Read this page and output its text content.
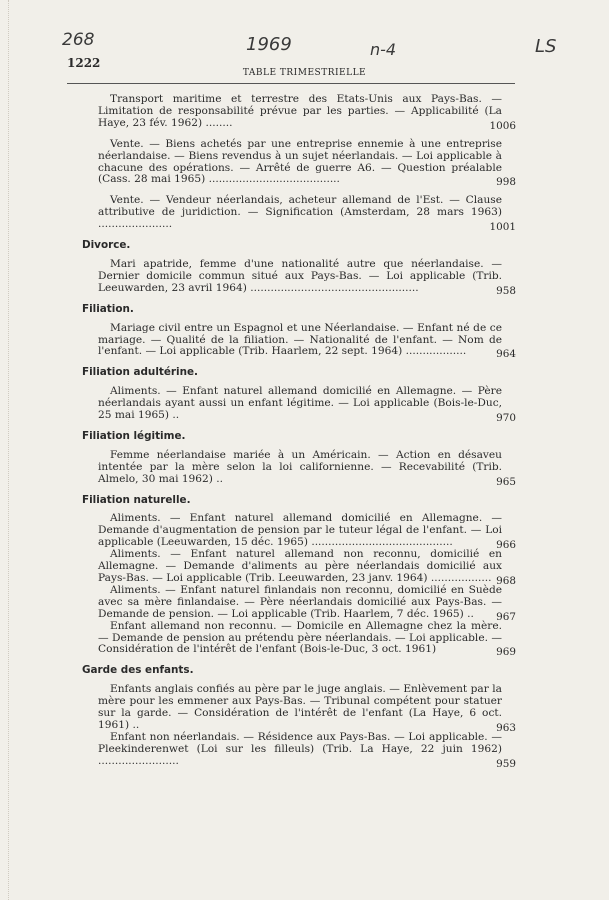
268	1969	n-4	LS
1222
TABLE TRIMESTRIELLE
Transport maritime et terrestre des Etats-Unis aux Pays-Bas. — Limitation de responsabilité prévue par les parties. — Applicabilité (La Haye, 23 fév. 1962) ........	1006
Vente. — Biens achetés par une entreprise ennemie à une entreprise néerlandaise. — Biens revendus à un sujet néerlandais. — Loi applicable à chacune des opérations. — Arrêté de guerre A6. — Question préalable (Cass. 28 mai 1965) .......................................	998
Vente. — Vendeur néerlandais, acheteur allemand de l'Est. — Clause attributive de juridiction. — Signification (Amsterdam, 28 mars 1963) ......................	1001
Divorce.
Mari apatride, femme d'une nationalité autre que néerlandaise. — Dernier domicile commun situé aux Pays-Bas. — Loi applicable (Trib. Leeuwarden, 23 avril 1964) ..................................................	958
Filiation.
Mariage civil entre un Espagnol et une Néerlandaise. — Enfant né de ce mariage. — Qualité de la filiation. — Nationalité de l'enfant. — Nom de l'enfant. — Loi applicable (Trib. Haarlem, 22 sept. 1964) ..................	964
Filiation adultérine.
Aliments. — Enfant naturel allemand domicilié en Allemagne. — Père néerlandais ayant aussi un enfant légitime. — Loi applicable (Bois-le-Duc, 25 mai 1965) ..	970
Filiation légitime.
Femme néerlandaise mariée à un Américain. — Action en désaveu intentée par la mère selon la loi californienne. — Recevabilité (Trib. Almelo, 30 mai 1962) ..	965
Filiation naturelle.
Aliments. — Enfant naturel allemand domicilié en Allemagne. — Demande d'augmentation de pension par le tuteur légal de l'enfant. — Loi applicable (Leeuwarden, 15 déc. 1965) ..........................................	966
Aliments. — Enfant naturel allemand non reconnu, domicilié en Allemagne. — Demande d'aliments au père néerlandais domicilié aux Pays-Bas. — Loi applicable (Trib. Leeuwarden, 23 janv. 1964) .................. 968
Aliments. — Enfant naturel finlandais non reconnu, domicilié en Suède avec sa mère finlandaise. — Père néerlandais domicilié aux Pays-Bas. — Demande de pension. — Loi applicable (Trib. Haarlem, 7 déc. 1965) ..	967
Enfant allemand non reconnu. — Domicile en Allemagne chez la mère. — Demande de pension au prétendu père néerlandais. — Loi applicable. — Considération de l'intérêt de l'enfant (Bois-le-Duc, 3 oct. 1961)	969
Garde des enfants.
Enfants anglais confiés au père par le juge anglais. — Enlèvement par la mère pour les emmener aux Pays-Bas. — Tribunal compétent pour statuer sur la garde. — Considération de l'intérêt de l'enfant (La Haye, 6 oct. 1961) ..	963
Enfant non néerlandais. — Résidence aux Pays-Bas. — Loi applicable. — Pleekinderenwet (Loi sur les filleuls) (Trib. La Haye, 22 juin 1962) ........................	959
